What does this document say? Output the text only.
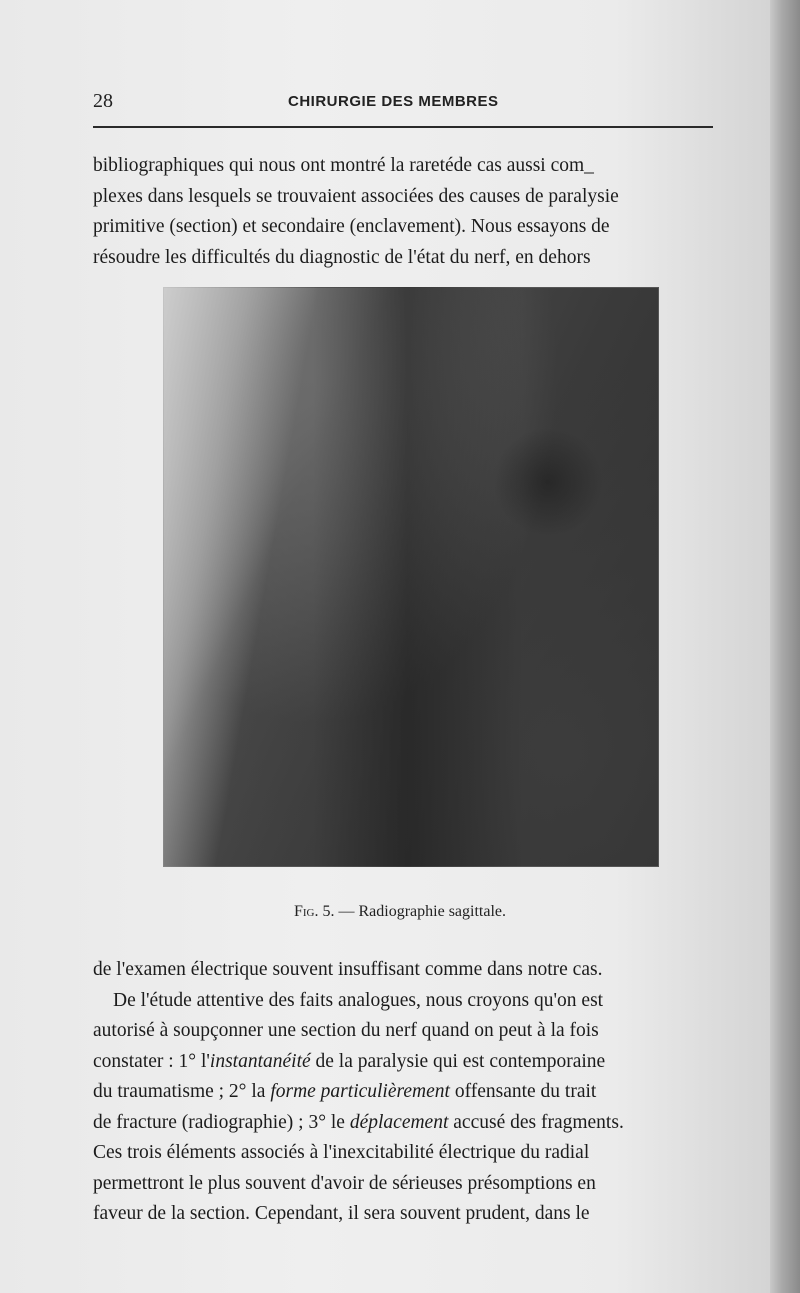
28	CHIRURGIE DES MEMBRES
bibliographiques qui nous ont montré la raretéde cas aussi com_
plexes dans lesquels se trouvaient associées des causes de paralysie
primitive (section) et secondaire (enclavement). Nous essayons de
résoudre les difficultés du diagnostic de l'état du nerf, en dehors
Fig. 5. — Radiographie sagittale.
de l'examen électrique souvent insuffisant comme dans notre cas.
De l'étude attentive des faits analogues, nous croyons qu'on est
autorisé à soupçonner une section du nerf quand on peut à la fois
constater : 1° l'instantanéité de la paralysie qui est contemporaine
du traumatisme ; 2° la forme particulièrement offensante du trait
de fracture (radiographie) ; 3° le déplacement accusé des fragments.
Ces trois éléments associés à l'inexcitabilité électrique du radial
permettront le plus souvent d'avoir de sérieuses présomptions en
faveur de la section. Cependant, il sera souvent prudent, dans le
